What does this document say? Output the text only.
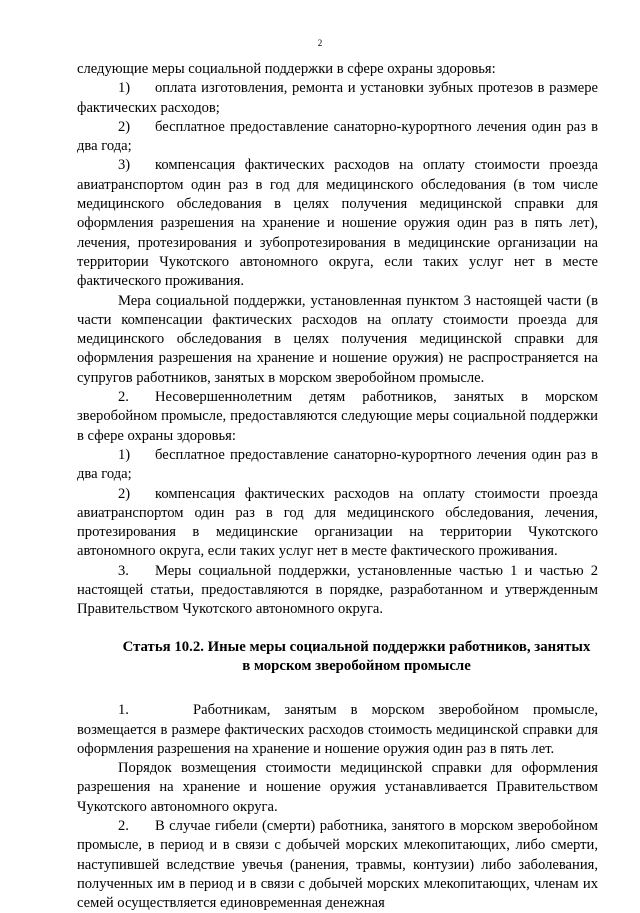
2

следующие меры социальной поддержки в сфере охраны здоровья:

1) оплата изготовления, ремонта и установки зубных протезов в размере фактических расходов;

2) бесплатное предоставление санаторно-курортного лечения один раз в два года;

3) компенсация фактических расходов на оплату стоимости проезда авиатранспортом один раз в год для медицинского обследования (в том числе медицинского обследования в целях получения медицинской справки для оформления разрешения на хранение и ношение оружия один раз в пять лет), лечения, протезирования и зубопротезирования в медицинские организации на территории Чукотского автономного округа, если таких услуг нет в месте фактического проживания.

Мера социальной поддержки, установленная пунктом 3 настоящей части (в части компенсации фактических расходов на оплату стоимости проезда для медицинского обследования в целях получения медицинской справки для оформления разрешения на хранение и ношение оружия) не распространяется на супругов работников, занятых в морском зверобойном промысле.

2. Несовершеннолетним детям работников, занятых в морском зверобойном промысле, предоставляются следующие меры социальной поддержки в сфере охраны здоровья:

1) бесплатное предоставление санаторно-курортного лечения один раз в два года;

2) компенсация фактических расходов на оплату стоимости проезда авиатранспортом один раз в год для медицинского обследования, лечения, протезирования в медицинские организации на территории Чукотского автономного округа, если таких услуг нет в месте фактического проживания.

3. Меры социальной поддержки, установленные частью 1 и частью 2 настоящей статьи, предоставляются в порядке, разработанном и утвержденным Правительством Чукотского автономного округа.

Статья 10.2. Иные меры социальной поддержки работников, занятых в морском зверобойном промысле

1.	Работникам, занятым в морском зверобойном промысле, возмещается в размере фактических расходов стоимость медицинской справки для оформления разрешения на хранение и ношение оружия один раз в пять лет.

Порядок возмещения стоимости медицинской справки для оформления разрешения на хранение и ношение оружия устанавливается Правительством Чукотского автономного округа.

2. В случае гибели (смерти) работника, занятого в морском зверобойном промысле, в период и в связи с добычей морских млекопитающих, либо смерти, наступившей вследствие увечья (ранения, травмы, контузии) либо заболевания, полученных им в период и в связи с добычей морских млекопитающих, членам их семей осуществляется единовременная денежная
